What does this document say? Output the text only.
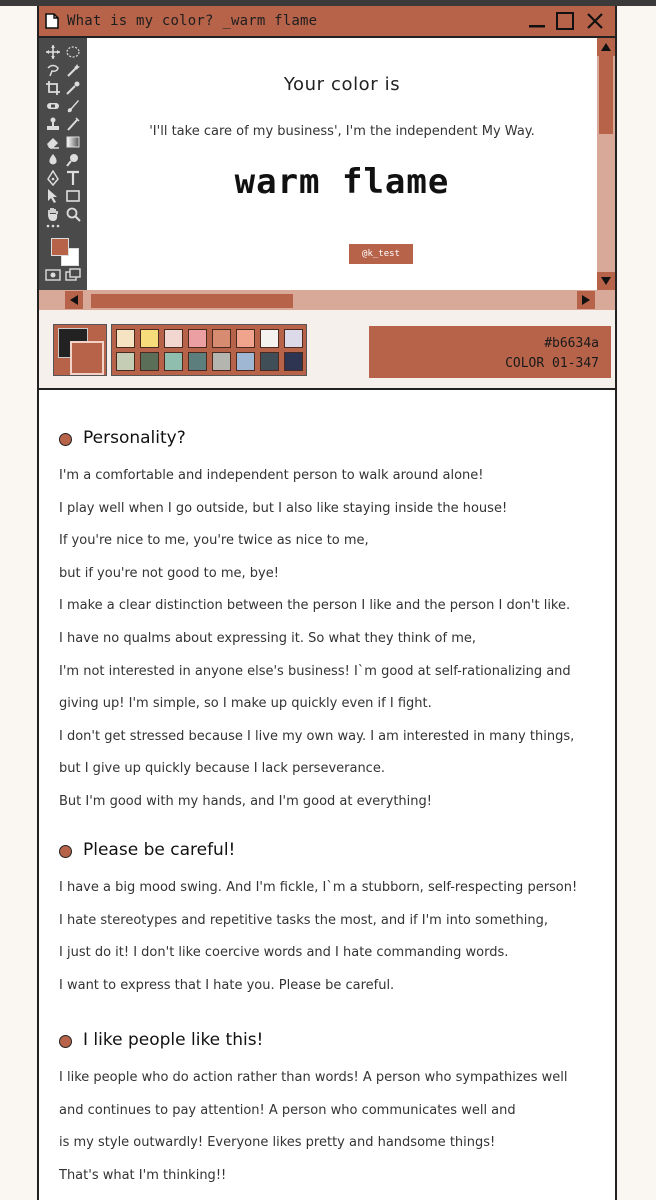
What is my color? _warm flame
Your color is
'I'll take care of my business', I'm the independent My Way.
warm flame
@k_test
#b6634a
COLOR 01-347
Personality?
I'm a comfortable and independent person to walk around alone!
I play well when I go outside, but I also like staying inside the house!
If you're nice to me, you're twice as nice to me,
but if you're not good to me, bye!
I make a clear distinction between the person I like and the person I don't like.
I have no qualms about expressing it. So what they think of me,
I'm not interested in anyone else's business! I`m good at self-rationalizing and
giving up! I'm simple, so I make up quickly even if I fight.
I don't get stressed because I live my own way. I am interested in many things,
but I give up quickly because I lack perseverance.
But I'm good with my hands, and I'm good at everything!
Please be careful!
I have a big mood swing. And I'm fickle, I`m a stubborn, self-respecting person!
I hate stereotypes and repetitive tasks the most, and if I'm into something,
I just do it! I don't like coercive words and I hate commanding words.
I want to express that I hate you. Please be careful.
I like people like this!
I like people who do action rather than words! A person who sympathizes well
and continues to pay attention! A person who communicates well and
is my style outwardly! Everyone likes pretty and handsome things!
That's what I'm thinking!!
